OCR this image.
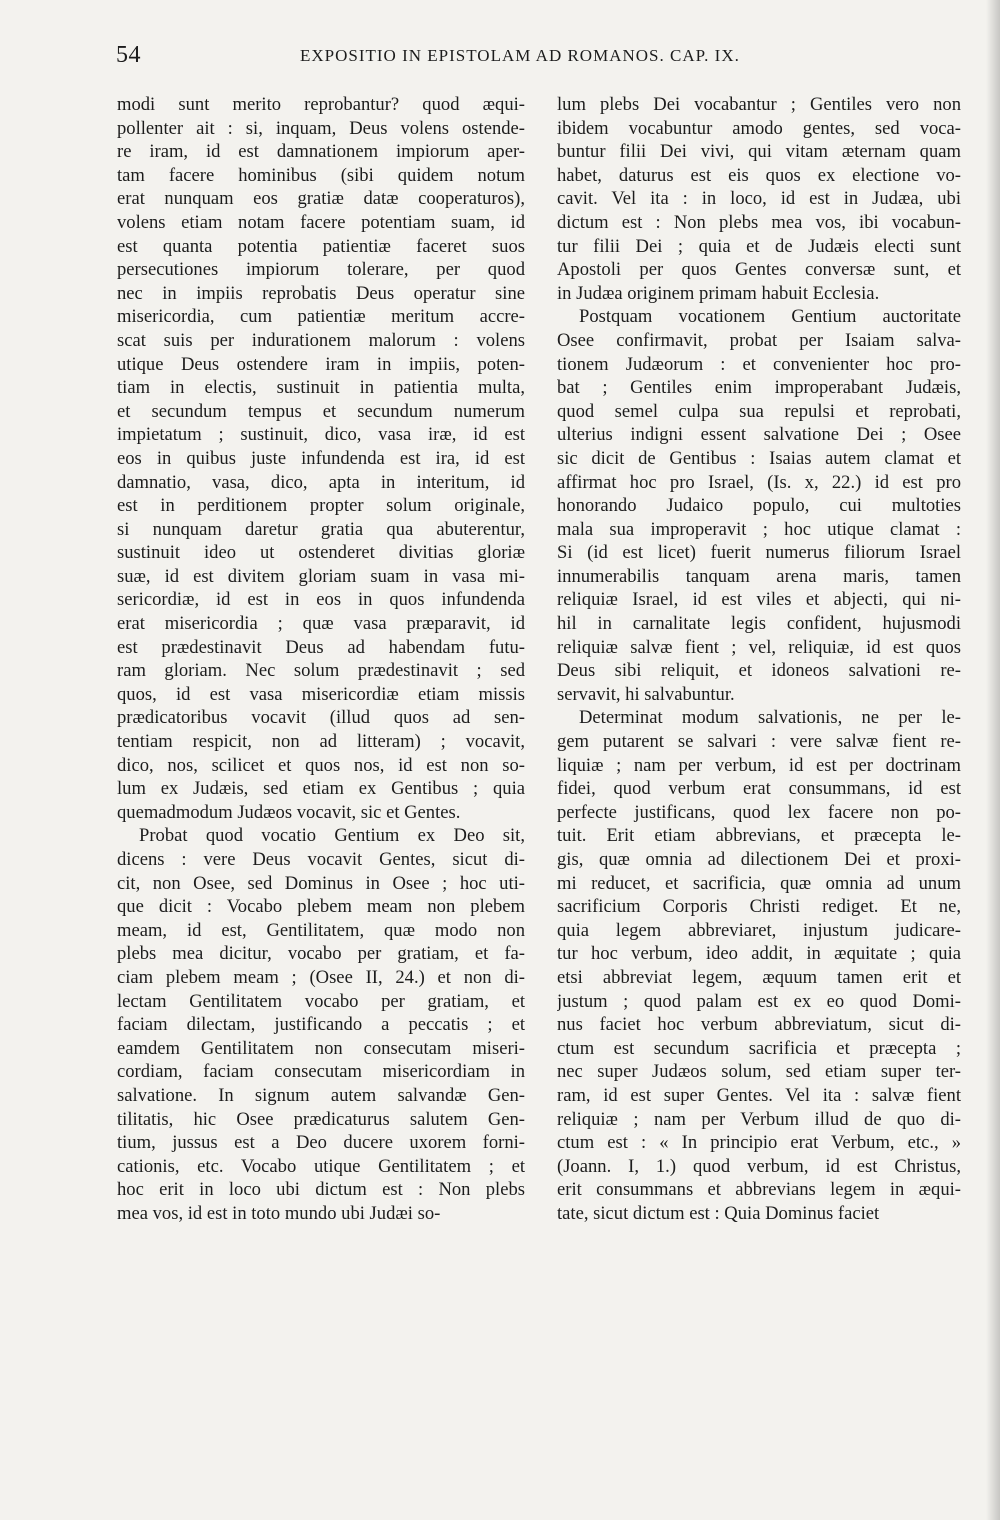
54	EXPOSITIO IN EPISTOLAM AD ROMANOS. CAP. IX.
modi sunt merito reprobantur? quod æqui-
pollenter ait : si, inquam, Deus volens ostende-
re iram, id est damnationem impiorum aper-
tam facere hominibus (sibi quidem notum
erat nunquam eos gratiæ datæ cooperaturos),
volens etiam notam facere potentiam suam, id
est quanta potentia patientiæ faceret suos
persecutiones impiorum tolerare, per quod
nec in impiis reprobatis Deus operatur sine
misericordia, cum patientiæ meritum accre-
scat suis per indurationem malorum : volens
utique Deus ostendere iram in impiis, poten-
tiam in electis, sustinuit in patientia multa,
et secundum tempus et secundum numerum
impietatum ; sustinuit, dico, vasa iræ, id est
eos in quibus juste infundenda est ira, id est
damnatio, vasa, dico, apta in interitum, id
est in perditionem propter solum originale,
si nunquam daretur gratia qua abuterentur,
sustinuit ideo ut ostenderet divitias gloriæ
suæ, id est divitem gloriam suam in vasa mi-
sericordiæ, id est in eos in quos infundenda
erat misericordia ; quæ vasa præparavit, id
est prædestinavit Deus ad habendam futu-
ram gloriam. Nec solum prædestinavit ; sed
quos, id est vasa misericordiæ etiam missis
prædicatoribus vocavit (illud quos ad sen-
tentiam respicit, non ad litteram) ; vocavit,
dico, nos, scilicet et quos nos, id est non so-
lum ex Judæis, sed etiam ex Gentibus ; quia
quemadmodum Judæos vocavit, sic et Gentes.
Probat quod vocatio Gentium ex Deo sit,
dicens : vere Deus vocavit Gentes, sicut di-
cit, non Osee, sed Dominus in Osee ; hoc uti-
que dicit : Vocabo plebem meam non plebem
meam, id est, Gentilitatem, quæ modo non
plebs mea dicitur, vocabo per gratiam, et fa-
ciam plebem meam ; (Osee II, 24.) et non di-
lectam Gentilitatem vocabo per gratiam, et
faciam dilectam, justificando a peccatis ; et
eamdem Gentilitatem non consecutam miseri-
cordiam, faciam consecutam misericordiam in
salvatione. In signum autem salvandæ Gen-
tilitatis, hic Osee prædicaturus salutem Gen-
tium, jussus est a Deo ducere uxorem forni-
cationis, etc. Vocabo utique Gentilitatem ; et
hoc erit in loco ubi dictum est : Non plebs
mea vos, id est in toto mundo ubi Judæi so-
lum plebs Dei vocabantur ; Gentiles vero non
ibidem vocabuntur amodo gentes, sed voca-
buntur filii Dei vivi, qui vitam æternam quam
habet, daturus est eis quos ex electione vo-
cavit. Vel ita : in loco, id est in Judæa, ubi
dictum est : Non plebs mea vos, ibi vocabun-
tur filii Dei ; quia et de Judæis electi sunt
Apostoli per quos Gentes conversæ sunt, et
in Judæa originem primam habuit Ecclesia.
Postquam vocationem Gentium auctoritate
Osee confirmavit, probat per Isaiam salva-
tionem Judæorum : et convenienter hoc pro-
bat ; Gentiles enim improperabant Judæis,
quod semel culpa sua repulsi et reprobati,
ulterius indigni essent salvatione Dei ; Osee
sic dicit de Gentibus : Isaias autem clamat et
affirmat hoc pro Israel, (Is. x, 22.) id est pro
honorando Judaico populo, cui multoties
mala sua improperavit ; hoc utique clamat :
Si (id est licet) fuerit numerus filiorum Israel
innumerabilis tanquam arena maris, tamen
reliquiæ Israel, id est viles et abjecti, qui ni-
hil in carnalitate legis confident, hujusmodi
reliquiæ salvæ fient ; vel, reliquiæ, id est quos
Deus sibi reliquit, et idoneos salvationi re-
servavit, hi salvabuntur.
Determinat modum salvationis, ne per le-
gem putarent se salvari : vere salvæ fient re-
liquiæ ; nam per verbum, id est per doctrinam
fidei, quod verbum erat consummans, id est
perfecte justificans, quod lex facere non po-
tuit. Erit etiam abbrevians, et præcepta le-
gis, quæ omnia ad dilectionem Dei et proxi-
mi reducet, et sacrificia, quæ omnia ad unum
sacrificium Corporis Christi rediget. Et ne,
quia legem abbreviaret, injustum judicare-
tur hoc verbum, ideo addit, in æquitate ; quia
etsi abbreviat legem, æquum tamen erit et
justum ; quod palam est ex eo quod Domi-
nus faciet hoc verbum abbreviatum, sicut di-
ctum est secundum sacrificia et præcepta ;
nec super Judæos solum, sed etiam super ter-
ram, id est super Gentes. Vel ita : salvæ fient
reliquiæ ; nam per Verbum illud de quo di-
ctum est : « In principio erat Verbum, etc., »
(Joann. I, 1.) quod verbum, id est Christus,
erit consummans et abbrevians legem in æqui-
tate, sicut dictum est : Quia Dominus faciet
